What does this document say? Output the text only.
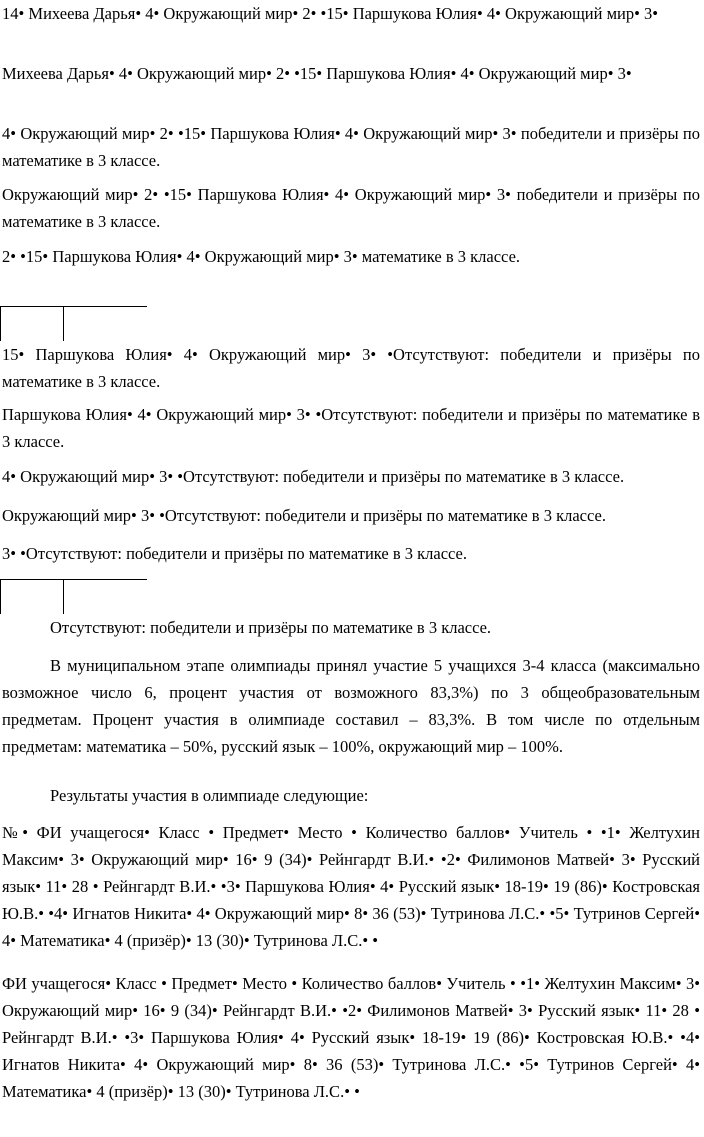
14• Михеева Дарья• 4• Окружающий мир• 2• •15• Паршукова Юлия• 4• Окружающий мир• 3•

Михеева Дарья• 4• Окружающий мир• 2• •15• Паршукова Юлия• 4• Окружающий мир• 3•

4• Окружающий мир• 2• •15• Паршукова Юлия• 4• Окружающий мир• 3• победители и призёры по математике в 3 классе.

Окружающий мир• 2• •15• Паршукова Юлия• 4• Окружающий мир• 3• победители и призёры по математике в 3 классе.

2• •15• Паршукова Юлия• 4• Окружающий мир• 3• математике в 3 классе.

15• Паршукова Юлия• 4• Окружающий мир• 3• •Отсутствуют: победители и призёры по математике в 3 классе.

Паршукова Юлия• 4• Окружающий мир• 3• •Отсутствуют: победители и призёры по математике в 3 классе.

4• Окружающий мир• 3• •Отсутствуют: победители и призёры по математике в 3 классе.

Окружающий мир• 3• •Отсутствуют: победители и призёры по математике в 3 классе.

3• •Отсутствуют: победители и призёры по математике в 3 классе.

Отсутствуют: победители и призёры по математике в 3 классе.

В муниципальном этапе олимпиады принял участие 5 учащихся 3-4 класса (максимально возможное число 6, процент участия от возможного 83,3%) по 3 общеобразовательным предметам. Процент участия в олимпиаде составил – 83,3%. В том числе по отдельным предметам: математика – 50%, русский язык – 100%, окружающий мир – 100%.

Результаты участия в олимпиаде следующие:

№• ФИ учащегося• Класс • Предмет• Место • Количество баллов• Учитель • •1• Желтухин Максим• 3• Окружающий мир• 16• 9 (34)• Рейнгардт В.И.• •2• Филимонов Матвей• 3• Русский язык• 11• 28 • Рейнгардт В.И.• •3• Паршукова Юлия• 4• Русский язык• 18-19• 19 (86)• Костровская Ю.В.• •4• Игнатов Никита• 4• Окружающий мир• 8• 36 (53)• Тутринова Л.С.• •5• Тутринов Сергей• 4• Математика• 4 (призёр)• 13 (30)• Тутринова Л.С.• •

ФИ учащегося• Класс • Предмет• Место • Количество баллов• Учитель • •1• Желтухин Максим• 3• Окружающий мир• 16• 9 (34)• Рейнгардт В.И.• •2• Филимонов Матвей• 3• Русский язык• 11• 28 • Рейнгардт В.И.• •3• Паршукова Юлия• 4• Русский язык• 18-19• 19 (86)• Костровская Ю.В.• •4• Игнатов Никита• 4• Окружающий мир• 8• 36 (53)• Тутринова Л.С.• •5• Тутринов Сергей• 4• Математика• 4 (призёр)• 13 (30)• Тутринова Л.С.• •
